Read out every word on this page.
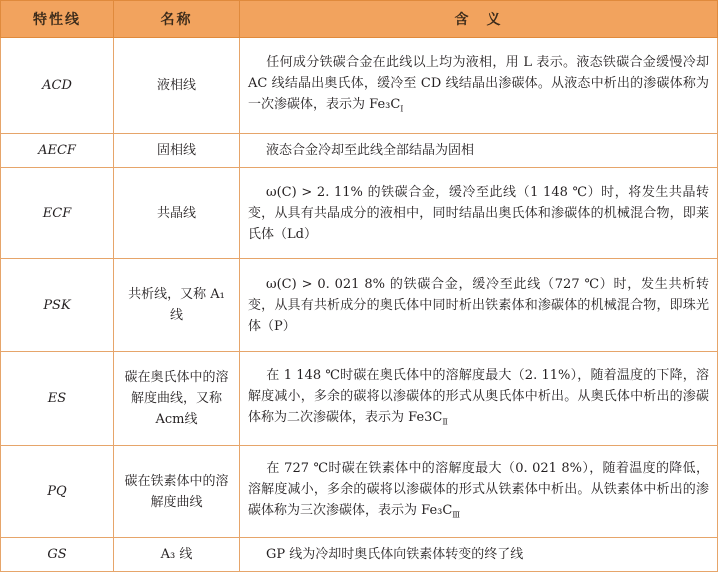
特性线	名称	含　义
ACD	液相线	任何成分铁碳合金在此线以上均为液相，用 L 表示。液态铁碳合金缓慢冷却 AC 线结晶出奥氏体，缓冷至 CD 线结晶出渗碳体。从液态中析出的渗碳体称为一次渗碳体，表示为 $Fe_3C_Ⅰ$
AECF	固相线	液态合金冷却至此线全部结晶为固相
ECF	共晶线	ω(C) > 2. 11% 的铁碳合金，缓冷至此线（1 148 ℃）时，将发生共晶转变，从具有共晶成分的液相中，同时结晶出奥氏体和渗碳体的机械混合物，即莱氏体（Ld）
PSK	共析线，又称 A₁ 线	ω(C) > 0. 021 8% 的铁碳合金，缓冷至此线（727 ℃）时，发生共析转变，从具有共析成分的奥氏体中同时析出铁素体和渗碳体的机械混合物，即珠光体（P）
ES	碳在奥氏体中的溶解度曲线，又称 Acm线	在 1 148 ℃时碳在奥氏体中的溶解度最大（2. 11%），随着温度的下降，溶解度减小，多余的碳将以渗碳体的形式从奥氏体中析出。从奥氏体中析出的渗碳体称为二次渗碳体，表示为 $Fe3C_Ⅱ$
PQ	碳在铁素体中的溶解度曲线	在 727 ℃时碳在铁素体中的溶解度最大（0. 021 8%），随着温度的降低，溶解度减小，多余的碳将以渗碳体的形式从铁素体中析出。从铁素体中析出的渗碳体称为三次渗碳体，表示为 $Fe_3C_Ⅲ$
GS	A₃ 线	GP 线为冷却时奥氏体向铁素体转变的终了线
